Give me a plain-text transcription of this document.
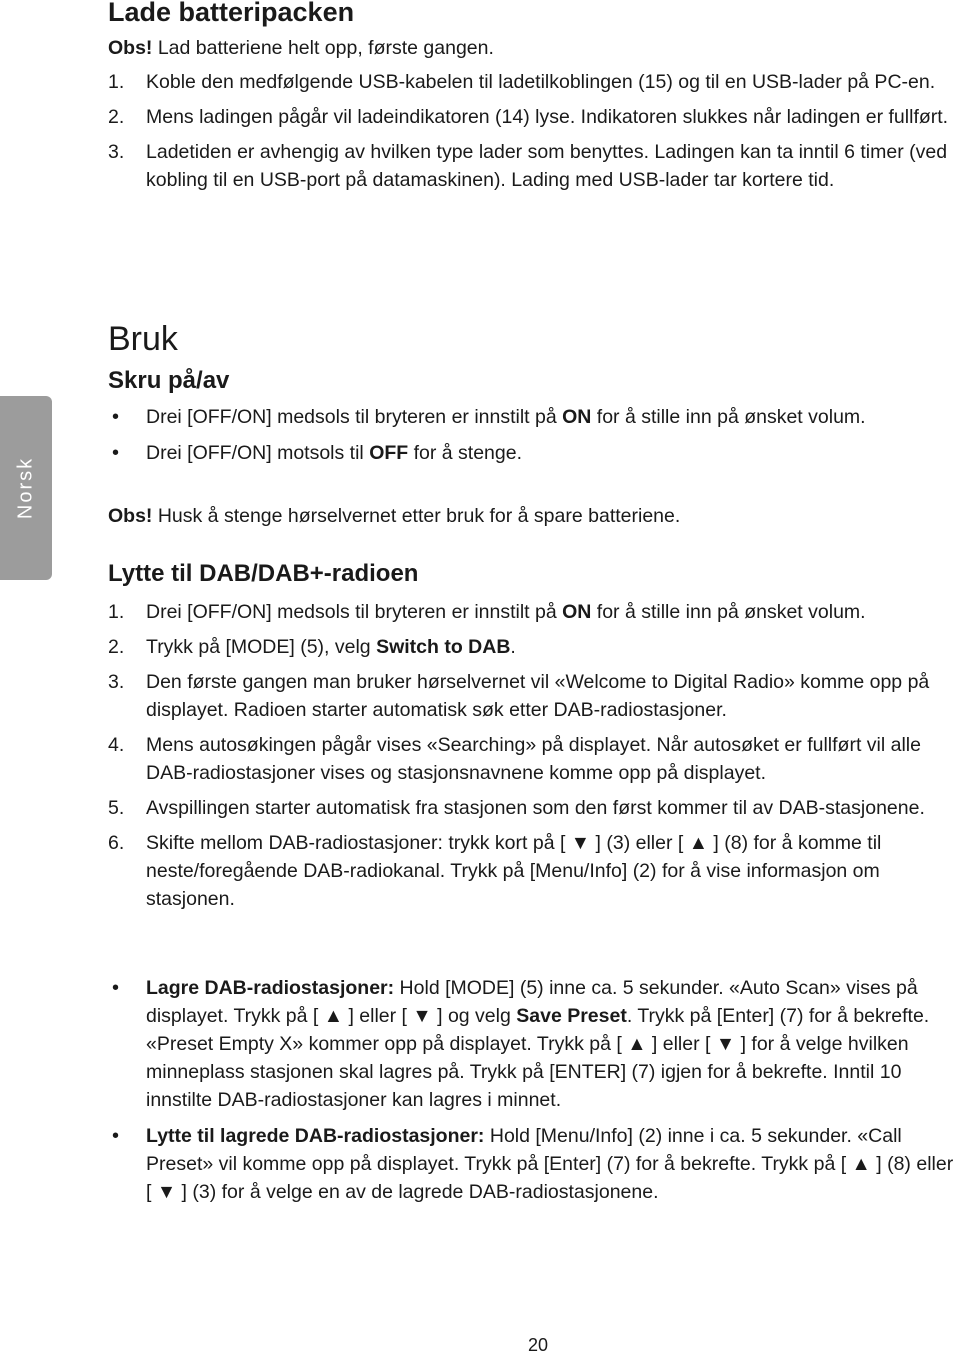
Norsk
Lade batteripacken

Obs! Lad batteriene helt opp, første gangen.

1. Koble den medfølgende USB-kabelen til ladetilkoblingen (15) og til en USB-lader på PC-en.
2. Mens ladingen pågår vil ladeindikatoren (14) lyse. Indikatoren slukkes når ladingen er fullført.
3. Ladetiden er avhengig av hvilken type lader som benyttes. Ladingen kan ta inntil 6 timer (ved kobling til en USB-port på datamaskinen). Lading med USB-lader tar kortere tid.
Bruk
Skru på/av
• Drei [OFF/ON] medsols til bryteren er innstilt på ON for å stille inn på ønsket volum.
• Drei [OFF/ON] motsols til OFF for å stenge.

Obs! Husk å stenge hørselvernet etter bruk for å spare batteriene.

Lytte til DAB/DAB+-radioen
1. Drei [OFF/ON] medsols til bryteren er innstilt på ON for å stille inn på ønsket volum.
2. Trykk på [MODE] (5), velg Switch to DAB.
3. Den første gangen man bruker hørselvernet vil «Welcome to Digital Radio» komme opp på displayet. Radioen starter automatisk søk etter DAB-radiostasjoner.
4. Mens autosøkingen pågår vises «Searching» på displayet. Når autosøket er fullført vil alle DAB-radiostasjoner vises og stasjonsnavnene komme opp på displayet.
5. Avspillingen starter automatisk fra stasjonen som den først kommer til av DAB-stasjonene.
6. Skifte mellom DAB-radiostasjoner: trykk kort på [ ▼ ] (3) eller [ ▲ ] (8) for å komme til neste/foregående DAB-radiokanal. Trykk på [Menu/Info] (2) for å vise informasjon om stasjonen.
• Lagre DAB-radiostasjoner: Hold [MODE] (5) inne ca. 5 sekunder. «Auto Scan» vises på displayet. Trykk på [ ▲ ] eller [ ▼ ] og velg Save Preset. Trykk på [Enter] (7) for å bekrefte. «Preset Empty X» kommer opp på displayet. Trykk på [ ▲ ] eller [ ▼ ] for å velge hvilken minneplass stasjonen skal lagres på. Trykk på [ENTER] (7) igjen for å bekrefte. Inntil 10 innstilte DAB-radiostasjoner kan lagres i minnet.
• Lytte til lagrede DAB-radiostasjoner: Hold [Menu/Info] (2) inne i ca. 5 sekunder. «Call Preset» vil komme opp på displayet. Trykk på [Enter] (7) for å bekrefte. Trykk på [ ▲ ] (8) eller [ ▼ ] (3) for å velge en av de lagrede DAB-radiostasjonene.
20
